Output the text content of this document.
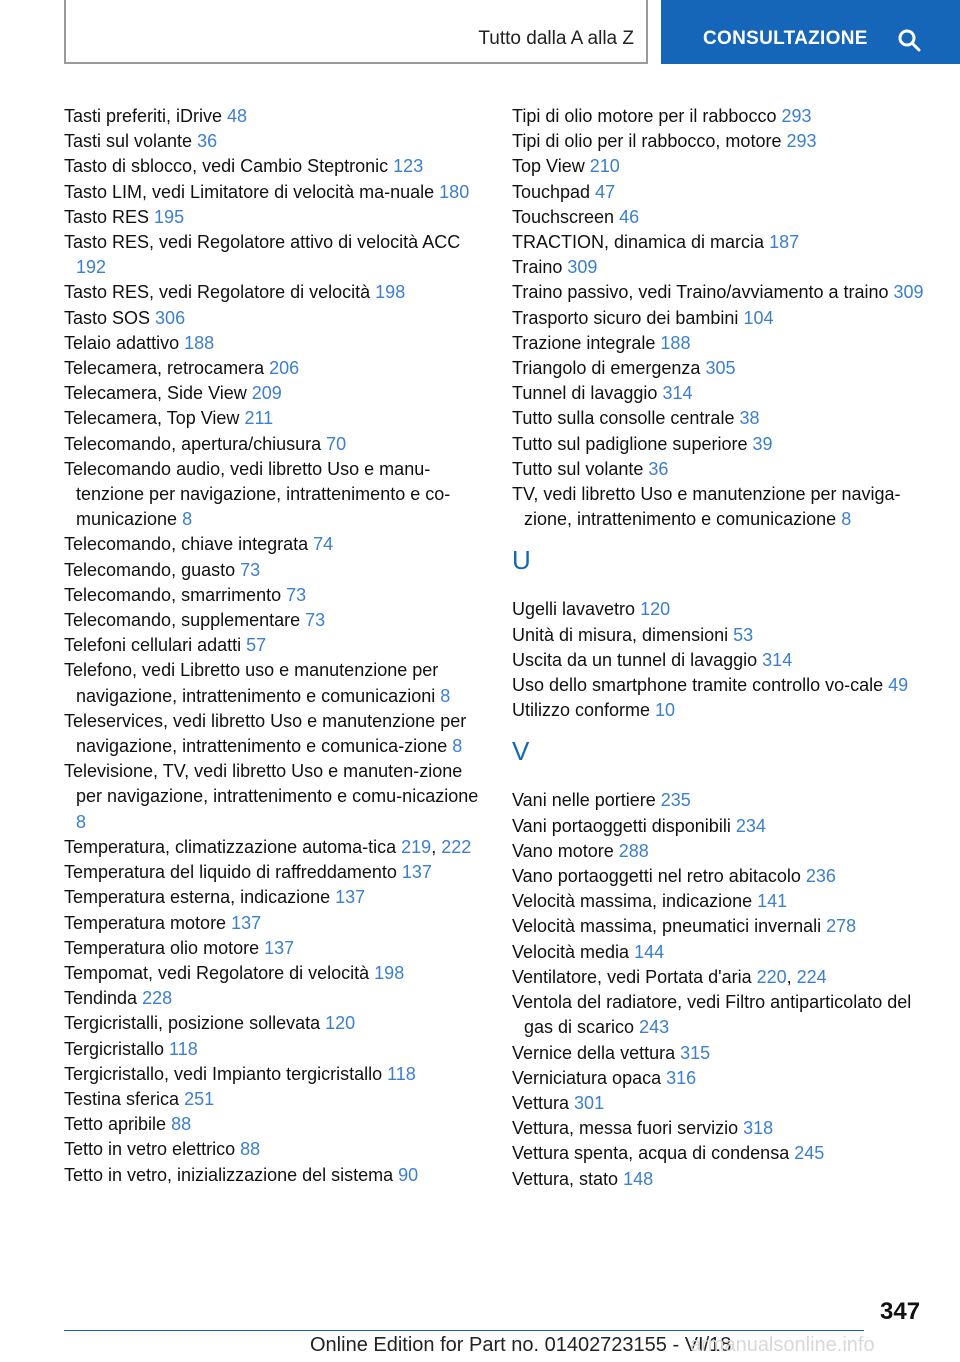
Tutto dalla A alla Z	CONSULTAZIONE
Tasti preferiti, iDrive 48
Tasti sul volante 36
Tasto di sblocco, vedi Cambio Steptronic 123
Tasto LIM, vedi Limitatore di velocità ma‐nuale 180
Tasto RES 195
Tasto RES, vedi Regolatore attivo di velocità ACC 192
Tasto RES, vedi Regolatore di velocità 198
Tasto SOS 306
Telaio adattivo 188
Telecamera, retrocamera 206
Telecamera, Side View 209
Telecamera, Top View 211
Telecomando, apertura/chiusura 70
Telecomando audio, vedi libretto Uso e manu‐tenzione per navigazione, intrattenimento e co‐municazione 8
Telecomando, chiave integrata 74
Telecomando, guasto 73
Telecomando, smarrimento 73
Telecomando, supplementare 73
Telefoni cellulari adatti 57
Telefono, vedi Libretto uso e manutenzione per navigazione, intrattenimento e comunicazioni 8
Teleservices, vedi libretto Uso e manutenzione per navigazione, intrattenimento e comunica‐zione 8
Televisione, TV, vedi libretto Uso e manuten‐zione per navigazione, intrattenimento e comu‐nicazione 8
Temperatura, climatizzazione automa‐tica 219, 222
Temperatura del liquido di raffreddamento 137
Temperatura esterna, indicazione 137
Temperatura motore 137
Temperatura olio motore 137
Tempomat, vedi Regolatore di velocità 198
Tendinda 228
Tergicristalli, posizione sollevata 120
Tergicristallo 118
Tergicristallo, vedi Impianto tergicristallo 118
Testina sferica 251
Tetto apribile 88
Tetto in vetro elettrico 88
Tetto in vetro, inizializzazione del sistema 90
Tipi di olio motore per il rabbocco 293
Tipi di olio per il rabbocco, motore 293
Top View 210
Touchpad 47
Touchscreen 46
TRACTION, dinamica di marcia 187
Traino 309
Traino passivo, vedi Traino/avviamento a traino 309
Trasporto sicuro dei bambini 104
Trazione integrale 188
Triangolo di emergenza 305
Tunnel di lavaggio 314
Tutto sulla consolle centrale 38
Tutto sul padiglione superiore 39
Tutto sul volante 36
TV, vedi libretto Uso e manutenzione per naviga‐zione, intrattenimento e comunicazione 8
U
Ugelli lavavetro 120
Unità di misura, dimensioni 53
Uscita da un tunnel di lavaggio 314
Uso dello smartphone tramite controllo vo‐cale 49
Utilizzo conforme 10
V
Vani nelle portiere 235
Vani portaoggetti disponibili 234
Vano motore 288
Vano portaoggetti nel retro abitacolo 236
Velocità massima, indicazione 141
Velocità massima, pneumatici invernali 278
Velocità media 144
Ventilatore, vedi Portata d'aria 220, 224
Ventola del radiatore, vedi Filtro antiparticolato del gas di scarico 243
Vernice della vettura 315
Verniciatura opaca 316
Vettura 301
Vettura, messa fuori servizio 318
Vettura spenta, acqua di condensa 245
Vettura, stato 148
347
Online Edition for Part no. 01402723155 - VI/18
armanualsonline.info
